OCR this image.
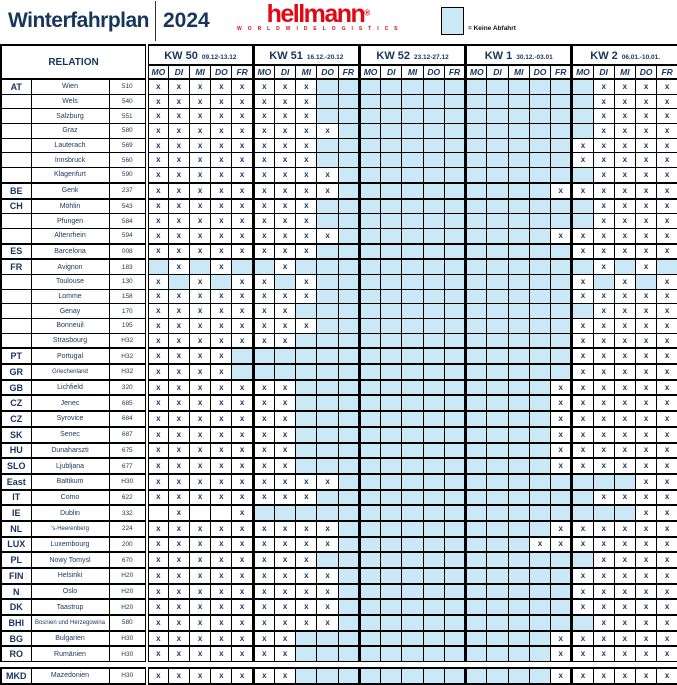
Winterfahrplan 2024	hellmann®
W O R L D W I D E L O G I S T I C S	= Keine Abfahrt
RELATION			KW 50 09.12-13.12					KW 51 16.12.-20.12					KW 52 23.12-27.12					KW 1 30.12.-03.01					KW 2 06.01.-10.01.				
			MO	DI	MI	DO	FR	MO	DI	MI	DO	FR	MO	DI	MI	DO	FR	MO	DI	MI	DO	FR	MO	DI	MI	DO	FR
AT	Wien	510	x	x	x	x	x	x	x	x														x	x	x	x
	Wels	540	x	x	x	x	x	x	x	x														x	x	x	x
	Salzburg	551	x	x	x	x	x	x	x	x														x	x	x	x
	Graz	580	x	x	x	x	x	x	x	x	x													x	x	x	x
	Lauterach	569	x	x	x	x	x	x	x	x													x	x	x	x	x
	Innsbruck	560	x	x	x	x	x	x	x	x													x	x	x	x	x
	Klagenfurt	590	x	x	x	x	x	x	x	x	x													x	x	x	x
BE	Genk	237	x	x	x	x	x	x	x	x	x											x	x	x	x	x	x
CH	Möhlin	543	x	x	x	x	x	x	x	x														x	x	x	x
	Pfungen	584	x	x	x	x	x	x	x	x														x	x	x	x
	Altenrhein	594	x	x	x	x	x	x	x	x	x											x	x	x	x	x	x
ES	Barcelona	008	x	x	x	x	x	x	x	x													x	x	x	x	x
FR	Avignon	183		x		x			x															x		x	
	Toulouse	130	x		x		x	x		x													x		x		x
	Lomme	158	x	x	x	x	x	x	x	x													x	x	x	x	x
	Genay	170	x	x	x	x	x	x	x															x	x	x	x
	Bonneuil	195	x	x	x	x	x	x	x	x													x	x	x	x	x
	Strasbourg	H32	x	x	x	x	x	x	x														x	x	x	x	x
PT	Portugal	H32	x	x	x	x																	x	x	x	x	x
GR	Griechenland	H32	x	x	x	x																	x	x	x	x	x
GB	Lichfield	320	x	x	x	x	x	x	x													x	x	x	x	x	x
CZ	Jenec	685	x	x	x	x	x	x	x													x	x	x	x	x	x
CZ	Syrovice	684	x	x	x	x	x	x	x													x	x	x	x	x	x
SK	Senec	687	x	x	x	x	x	x	x													x	x	x	x	x	x
HU	Dunaharszti	675	x	x	x	x	x	x	x													x	x	x	x	x	x
SLO	Ljubljana	677	x	x	x	x	x	x	x													x	x	x	x	x	x
East	Baltikum	H30	x	x	x	x	x	x	x	x	x															x	x
IT	Como	622	x	x	x	x	x	x	x	x														x	x	x	x
IE	Dublin	332		x			x																			x	x
NL	's-Heerenberg	224	x	x	x	x	x	x	x	x	x											x	x	x	x	x	x
LUX	Luxembourg	200	x	x	x	x	x	x	x	x	x										x	x	x	x	x	x	x
PL	Nowy Tomysl	670	x	x	x	x	x	x	x	x														x	x	x	x
FIN	Helsinki	H20	x	x	x	x	x	x	x	x	x												x	x	x	x	x
N	Oslo	H20	x	x	x	x	x	x	x	x	x												x	x	x	x	x
DK	Taastrup	H20	x	x	x	x	x	x	x	x	x												x	x	x	x	x
BHI	Bosnien und Herzegowina	580	x	x	x	x	x	x	x	x	x													x	x	x	x
BG	Bulgarien	H30	x	x	x	x	x	x	x													x	x	x	x	x	x
RO	Rumänien	H30	x	x	x	x	x	x	x													x	x	x	x	x	x

MKD	Mazedonien	H30	x	x	x	x	x	x	x													x	x	x	x	x	x
